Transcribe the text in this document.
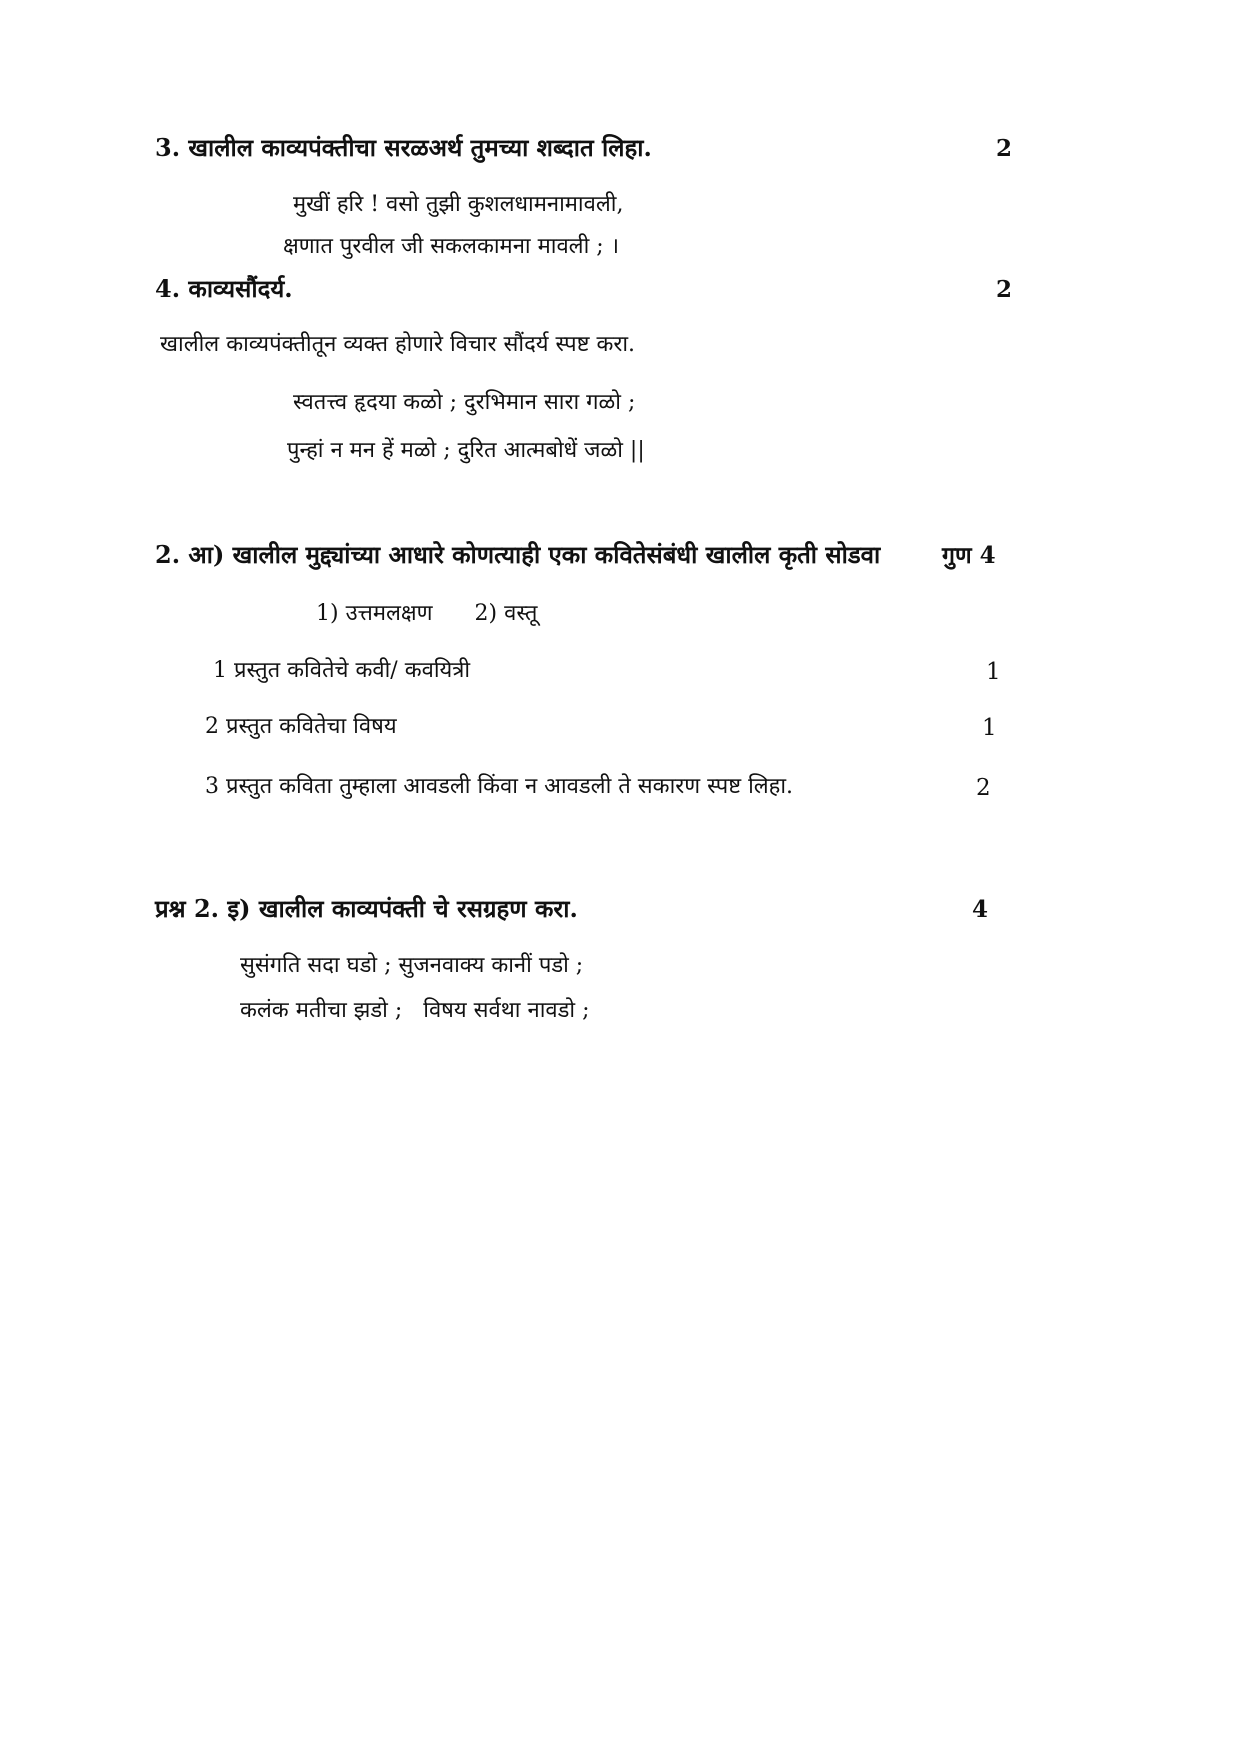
3. खालील काव्यपंक्तीचा सरळअर्थ तुमच्या शब्दात लिहा.	2
मुखीं हरि ! वसो तुझी कुशलधामनामावली,
क्षणात पुरवील जी सकलकामना मावली ; ।
4. काव्यसौंदर्य.	2
खालील काव्यपंक्तीतून व्यक्त होणारे विचार सौंदर्य स्पष्ट करा.
स्वतत्त्व हृदया कळो ; दुरभिमान सारा गळो ;
पुन्हां न मन हें मळो ; दुरित आत्मबोधें जळो ||
2. आ) खालील मुद्द्यांच्या आधारे कोणत्याही एका कवितेसंबंधी खालील कृती सोडवा	गुण 4
1) उत्तमलक्षण      2) वस्तू
1 प्रस्तुत कवितेचे कवी/ कवयित्री	1
2 प्रस्तुत कवितेचा विषय	1
3 प्रस्तुत कविता तुम्हाला आवडली किंवा न आवडली ते सकारण स्पष्ट लिहा.	2
प्रश्न 2. इ) खालील काव्यपंक्ती चे रसग्रहण करा.	4
सुसंगति सदा घडो ; सुजनवाक्य कानीं पडो ;
कलंक मतीचा झडो ;   विषय सर्वथा नावडो ;
